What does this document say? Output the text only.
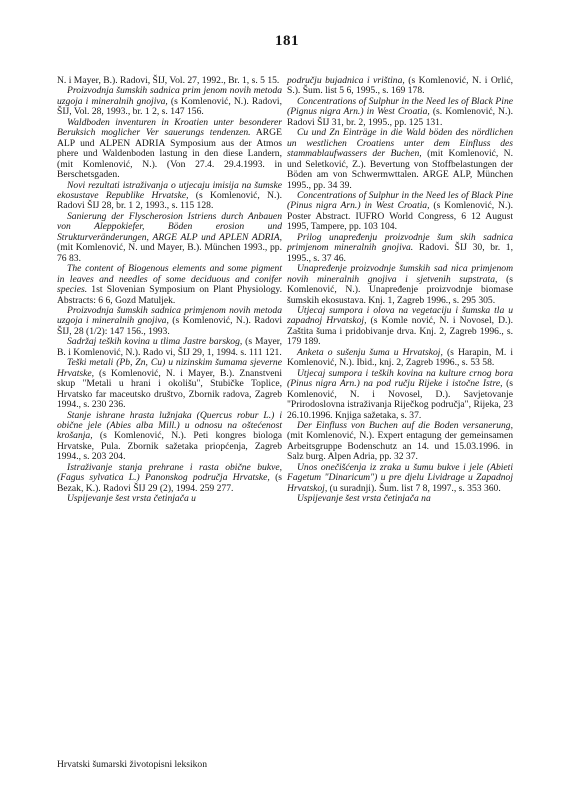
181

N. i Mayer, B.). Radovi, ŠIJ, Vol. 27, 1992., Br. 1, s. 5 15.

Proizvodnja šumskih sadnica prim jenom novih metoda uzgoja i mineralnih gnojiva, (s Komlenović, N.). Radovi, ŠIJ, Vol. 28, 1993., br. 1 2, s. 147 156.

Waldboden inventuren in Kroatien unter besonderer Beruksich moglicher Ver sauerungs tendenzen. ARGE ALP und ALPEN ADRIA Symposium aus der Atmos phere und Waldenboden lastung in den diese Landern, (mit Komlenović, N.). (Von 27.4. 29.4.1993. in Berschetsgaden.

Novi rezultati istraživanja o utjecaju imisija na šumske ekosustave Republike Hrvatske, (s Komlenović, N.). Radovi ŠIJ 28, br. 1 2, 1993., s. 115 128.

Sanierung der Flyscherosion Istriens durch Anbauen von Aleppokiefer, Böden erosion und Strukturveränderungen, ARGE ALP und APLEN ADRIA, (mit Komlenović, N. und Mayer, B.). München 1993., pp. 76 83.

The content of Biogenous elements and some pigment in leaves and needles of some deciduous and conifer species. 1st Slovenian Symposium on Plant Physiology. Abstracts: 6 6, Gozd Matuljek.

Proizvodnja šumskih sadnica primjenom novih metoda uzgoja i mineralnih gnojiva, (s Komlenović, N.). Radovi ŠIJ, 28 (1/2): 147 156., 1993.

Sadržaj teških kovina u tlima Jastre barskog, (s Mayer, B. i Komlenović, N.). Rado vi, ŠIJ 29, 1, 1994. s. 111 121.

Teški metali (Pb, Zn, Cu) u nizinskim šumama sjeverne Hrvatske, (s Komlenović, N. i Mayer, B.). Znanstveni skup "Metali u hrani i okolišu", Stubičke Toplice, Hrvatsko far maceutsko društvo, Zbornik radova, Zagreb 1994., s. 230 236.

Stanje ishrane hrasta lužnjaka (Quercus robur L.) i obične jele (Abies alba Mill.) u odnosu na oštećenost krošanja, (s Komlenović, N.). Peti kongres biologa Hrvatske, Pula. Zbornik sažetaka priopćenja, Zagreb 1994., s. 203 204.

Istraživanje stanja prehrane i rasta obične bukve, (Fagus sylvatica L.) Panonskog područja Hrvatske, (s Bezak, K.). Radovi ŠIJ 29 (2), 1994. 259 277.

Uspijevanje šest vrsta četinjača u

području bujadnica i vriština, (s Komlenović, N. i Orlić, S.). Šum. list 5 6, 1995., s. 169 178.

Concentrations of Sulphur in the Need les of Black Pine (Pignus nigra Arn.) in West Croatia, (s. Komlenović, N.). Radovi ŠIJ 31, br. 2, 1995., pp. 125 131.

Cu und Zn Einträge in die Wald böden des nördlichen un westlichen Croatiens unter dem Einfluss des stammablaufwassers der Buchen, (mit Komlenović, N. und Seletković, Z.). Bevertung von Stoffbelastungen der Böden am von Schwermwttalen. ARGE ALP, München 1995., pp. 34 39.

Concentrations of Sulphur in the Need les of Black Pine (Pinus nigra Arn.) in West Croatia, (s Komlenović, N.). Poster Abstract. IUFRO World Congress, 6 12 August 1995, Tampere, pp. 103 104.

Prilog unapređenju proizvodnje šum skih sadnica primjenom mineralnih gnojiva. Radovi. ŠIJ 30, br. 1, 1995., s. 37 46.

Unapređenje proizvodnje šumskih sad nica primjenom novih mineralnih gnojiva i sjetvenih supstrata, (s Komlenović, N.). Unapređenje proizvodnje biomase šumskih ekosustava. Knj. 1, Zagreb 1996., s. 295 305.

Utjecaj sumpora i olova na vegetaciju i šumska tla u zapadnoj Hrvatskoj, (s Komle nović, N. i Novosel, D.). Zaštita šuma i pridobivanje drva. Knj. 2, Zagreb 1996., s. 179 189.

Anketa o sušenju šuma u Hrvatskoj, (s Harapin, M. i Komlenović, N.). Ibid., knj. 2, Zagreb 1996., s. 53 58.

Utjecaj sumpora i teških kovina na kulture crnog bora (Pinus nigra Arn.) na pod ručju Rijeke i istočne Istre, (s Komlenović, N. i Novosel, D.). Savjetovanje "Prirodoslovna istraživanja Riječkog područja", Rijeka, 23 26.10.1996. Knjiga sažetaka, s. 37.

Der Einfluss von Buchen auf die Boden versanerung, (mit Komlenović, N.). Expert entagung der gemeinsamen Arbeitsgruppe Bodenschutz an 14. und 15.03.1996. in Salz burg. Alpen Adria, pp. 32 37.

Unos onečišćenja iz zraka u šumu bukve i jele (Abieti Fagetum "Dinaricum") u pre djelu Lividrage u Zapadnoj Hrvatskoj, (u suradnji). Šum. list 7 8, 1997., s. 353 360.

Uspijevanje šest vrsta četinjača na

Hrvatski šumarski životopisni leksikon
